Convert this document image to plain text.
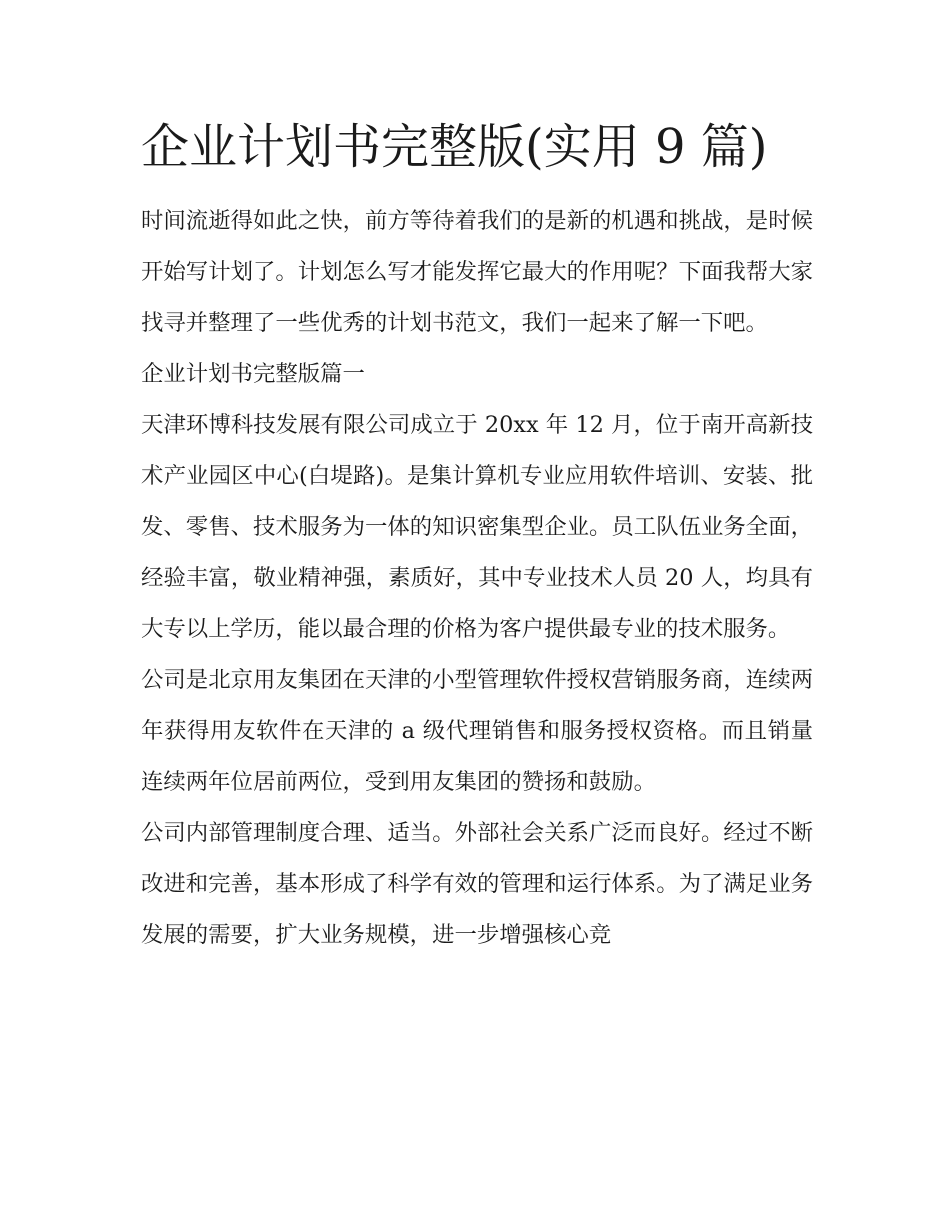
企业计划书完整版(实用 9 篇)

时间流逝得如此之快，前方等待着我们的是新的机遇和挑战，是时候开始写计划了。计划怎么写才能发挥它最大的作用呢？下面我帮大家找寻并整理了一些优秀的计划书范文，我们一起来了解一下吧。

企业计划书完整版篇一

天津环博科技发展有限公司成立于 20xx 年 12 月，位于南开高新技术产业园区中心(白堤路)。是集计算机专业应用软件培训、安装、批发、零售、技术服务为一体的知识密集型企业。员工队伍业务全面，经验丰富，敬业精神强，素质好，其中专业技术人员 20 人，均具有大专以上学历，能以最合理的价格为客户提供最专业的技术服务。

公司是北京用友集团在天津的小型管理软件授权营销服务商，连续两年获得用友软件在天津的 a 级代理销售和服务授权资格。而且销量连续两年位居前两位，受到用友集团的赞扬和鼓励。

公司内部管理制度合理、适当。外部社会关系广泛而良好。经过不断改进和完善，基本形成了科学有效的管理和运行体系。为了满足业务发展的需要，扩大业务规模，进一步增强核心竞
